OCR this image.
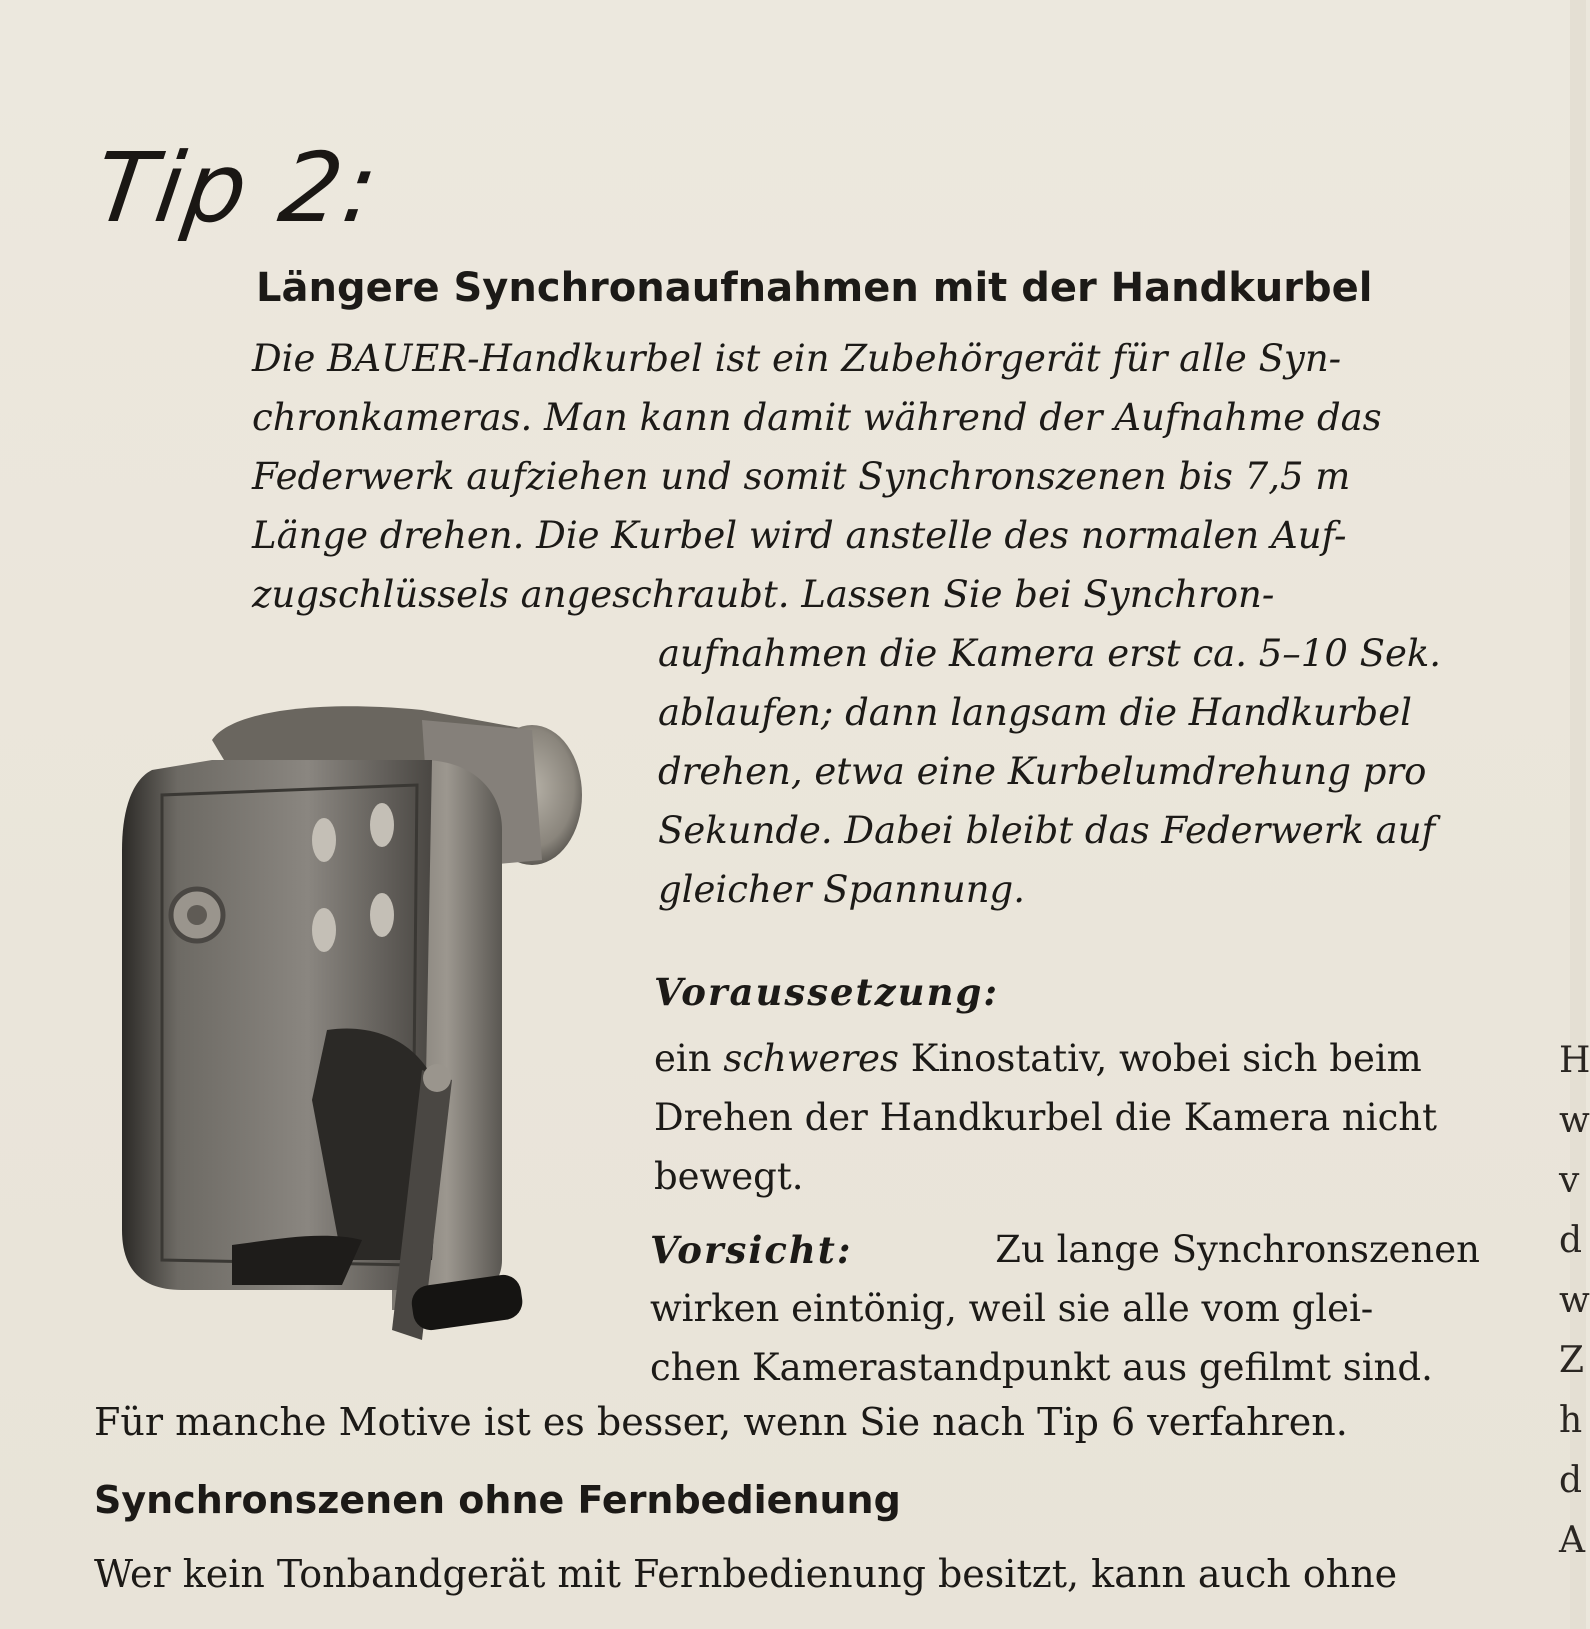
Tip 2:
Längere Synchronaufnahmen mit der Handkurbel
Die BAUER-Handkurbel ist ein Zubehörgerät für alle Syn-
chronkameras. Man kann damit während der Aufnahme das
Federwerk aufziehen und somit Synchronszenen bis 7,5 m
Länge drehen. Die Kurbel wird anstelle des normalen Auf-
zugschlüssels angeschraubt. Lassen Sie bei Synchron-
aufnahmen die Kamera erst ca. 5–10 Sek.
ablaufen; dann langsam die Handkurbel
drehen, etwa eine Kurbelumdrehung pro
Sekunde. Dabei bleibt das Federwerk auf
gleicher Spannung.
Voraussetzung:
ein schweres Kinostativ, wobei sich beim
Drehen der Handkurbel die Kamera nicht
bewegt.
Vorsicht:	Zu lange Synchronszenen
wirken eintönig, weil sie alle vom glei-
chen Kamerastandpunkt aus gefilmt sind.
Für manche Motive ist es besser, wenn Sie nach Tip 6 verfahren.
Synchronszenen ohne Fernbedienung
Wer kein Tonbandgerät mit Fernbedienung besitzt, kann auch ohne
H
w
v
d
w
Z
h
d
A
